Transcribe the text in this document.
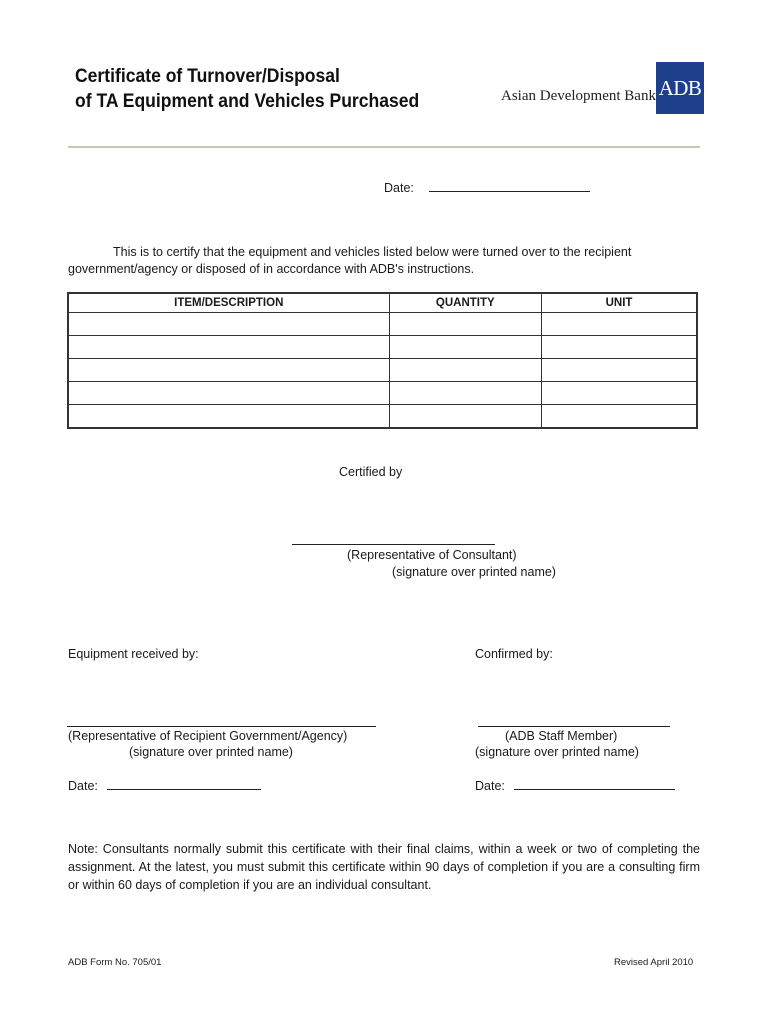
Certificate of Turnover/Disposal
of TA Equipment and Vehicles Purchased	Asian Development Bank ADB
Date:
This is to certify that the equipment and vehicles listed below were turned over to the recipient
government/agency or disposed of in accordance with ADB's instructions.
ITEM/DESCRIPTION	QUANTITY	UNIT

Certified by
(Representative of Consultant)
(signature over printed name)
Equipment received by:	Confirmed by:
(Representative of Recipient Government/Agency)
(signature over printed name)
(ADB Staff Member)
(signature over printed name)
Date:	Date:
Note: Consultants normally submit this certificate with their final claims, within a week or two of completing the assignment. At the latest, you must submit this certificate within 90 days of completion if you are a consulting firm or within 60 days of completion if you are an individual consultant.
ADB Form No. 705/01	Revised April 2010
